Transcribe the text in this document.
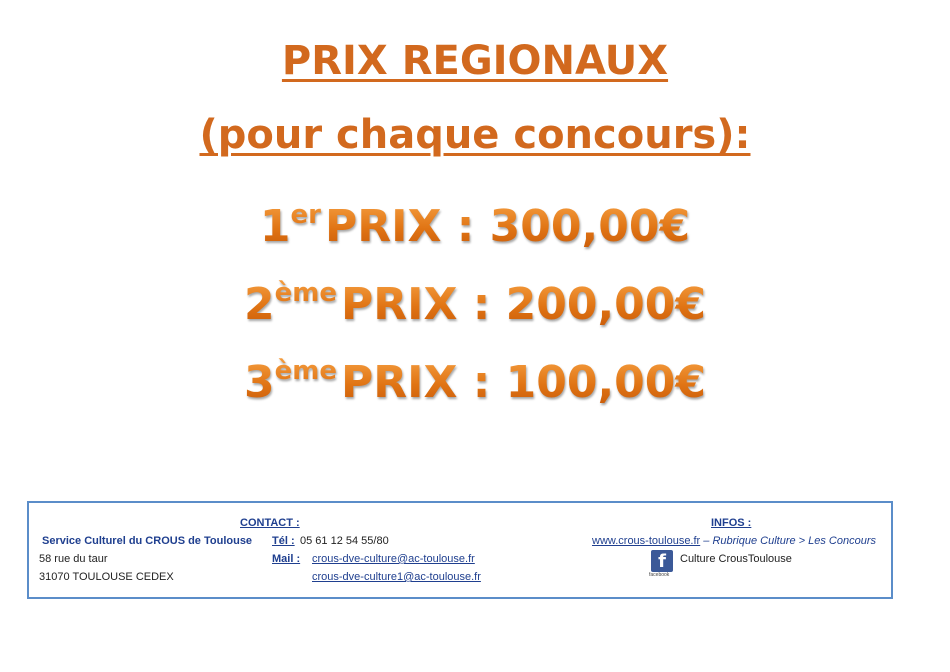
PRIX REGIONAUX
(pour chaque concours):
1erPRIX : 300,00€
2èmePRIX : 200,00€
3èmePRIX : 100,00€
CONTACT :
Service Culturel du CROUS de Toulouse
58 rue du taur
31070 TOULOUSE CEDEX
Tél : 05 61 12 54 55/80
Mail : crous-dve-culture@ac-toulouse.fr
crous-dve-culture1@ac-toulouse.fr
INFOS :
www.crous-toulouse.fr – Rubrique Culture > Les Concours
f
facebook
Culture CrousToulouse
